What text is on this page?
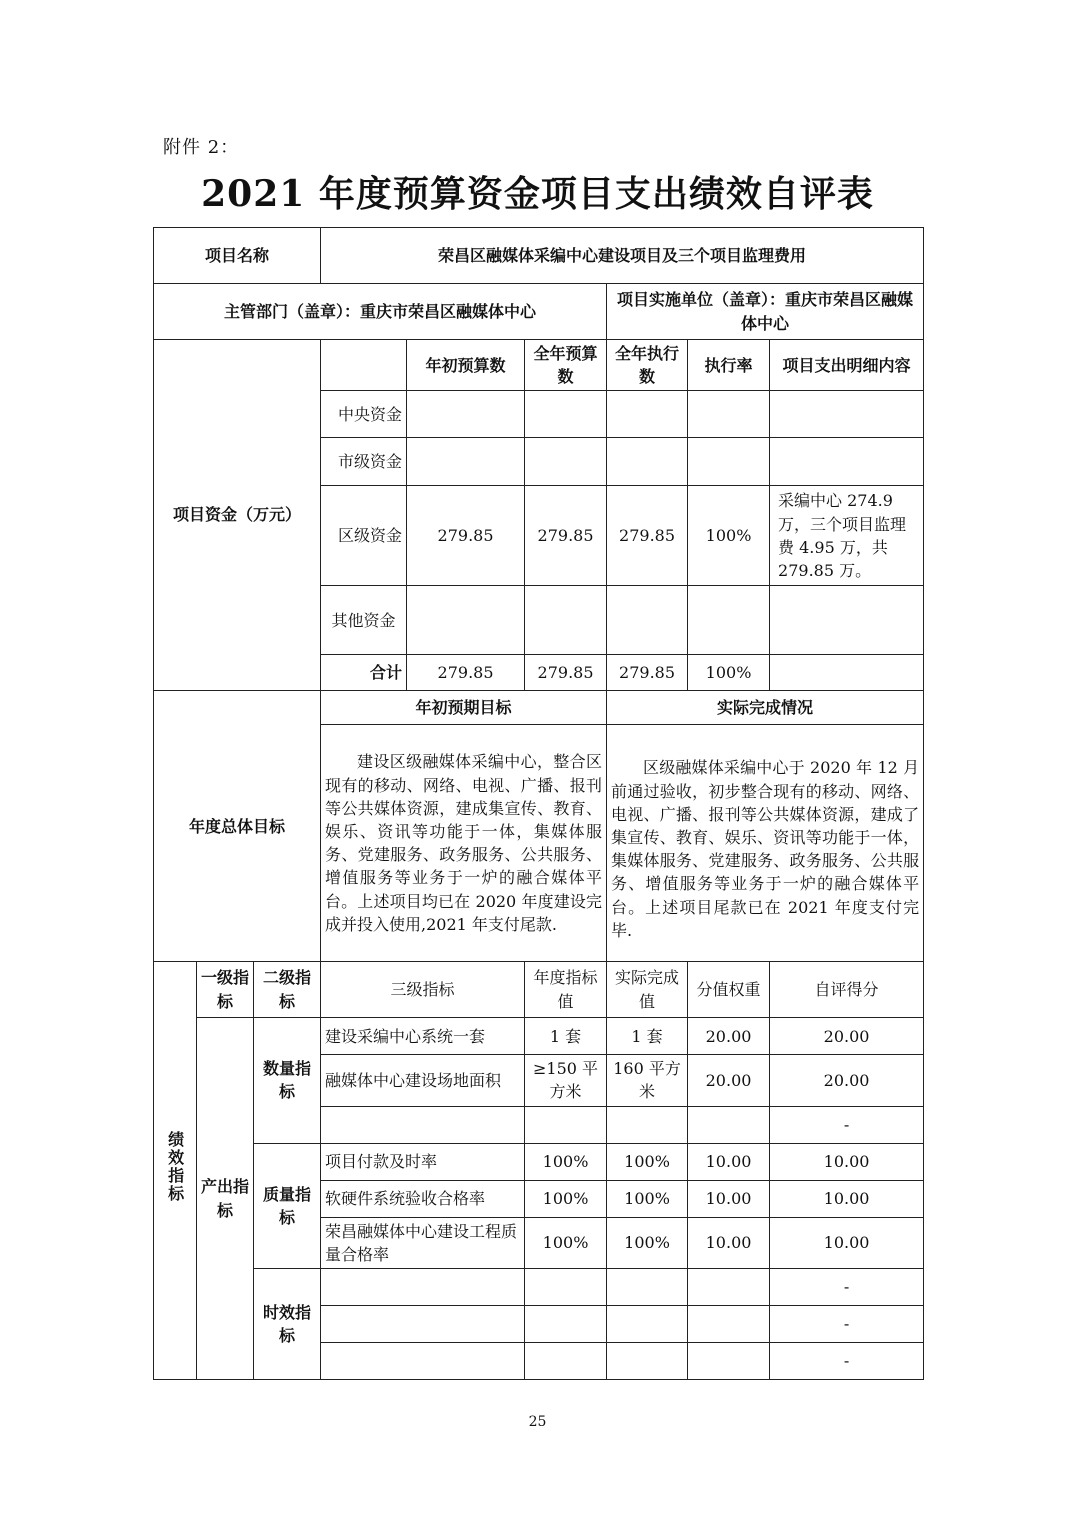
附件 2：
2021 年度预算资金项目支出绩效自评表
项目名称			荣昌区融媒体采编中心建设项目及三个项目监理费用					
主管部门（盖章）：重庆市荣昌区融媒体中心						项目实施单位（盖章）：重庆市荣昌区融媒体中心		
项目资金（万元）				年初预算数	全年预算数	全年执行数	执行率	项目支出明细内容
			中央资金					
			市级资金					
			区级资金	279.85	279.85	279.85	100%	采编中心 274.9 万，三个项目监理费 4.95 万，共 279.85 万。
			其他资金					
			合计	279.85	279.85	279.85	100%	
年度总体目标			年初预期目标			实际完成情况		
			建设区级融媒体采编中心，整合区现有的移动、网络、电视、广播、报刊等公共媒体资源，建成集宣传、教育、娱乐、资讯等功能于一体，集媒体服务、党建服务、政务服务、公共服务、增值服务等业务于一炉的融合媒体平台。上述项目均已在 2020 年度建设完成并投入使用,2021 年支付尾款.			区级融媒体采编中心于 2020 年 12 月前通过验收，初步整合现有的移动、网络、电视、广播、报刊等公共媒体资源，建成了集宣传、教育、娱乐、资讯等功能于一体，集媒体服务、党建服务、政务服务、公共服务、增值服务等业务于一炉的融合媒体平台。上述项目尾款已在 2021 年度支付完毕.		
绩效指标	一级指标	二级指标	三级指标		年度指标值	实际完成值	分值权重	自评得分
	产出指标	数量指标	建设采编中心系统一套		1 套	1 套	20.00	20.00
			融媒体中心建设场地面积		≥150 平方米	160 平方米	20.00	20.00
								-
		质量指标	项目付款及时率		100%	100%	10.00	10.00
			软硬件系统验收合格率		100%	100%	10.00	10.00
			荣昌融媒体中心建设工程质量合格率		100%	100%	10.00	10.00
		时效指标						-
								-
								-
25
